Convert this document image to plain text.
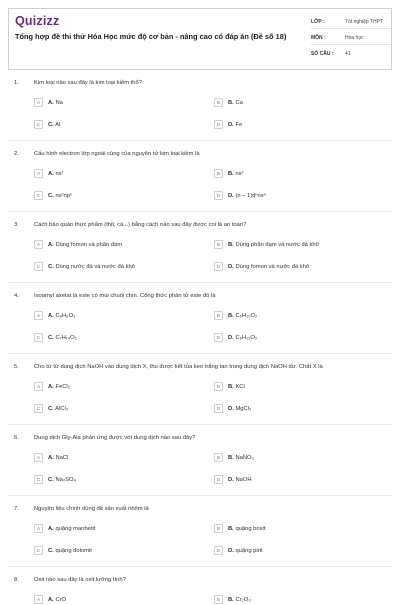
Quizizz
Tổng hợp đề thi thử Hóa Học mức độ cơ bản - nâng cao có đáp án (Đề số 18)
LỚP :	Tốt nghiệp THPT
MÔN :	Hóa học
SỐ CÂU :	41
1.	Kim loại nào sau đây là kim loại kiềm thổ?
A	A. Na	B	B. Ca
C	C. Al	D	D. Fe
2.	Cấu hình electron lớp ngoài cùng của nguyên tử kim loại kiềm là
A	A. ns¹	B	B. ns²
C	C. ns²np¹	D	D. (n – 1)dⁿnsⁿ
3.	Cách bảo quản thực phẩm (thịt, cá...) bằng cách nào sau đây được coi là an toàn?
A	A. Dùng fomon và phân đạm	B	B. Dùng phân đạm và nước đá khô
C	C. Dùng nước đá và nước đá khô	D	D. Dùng fomon và nước đá khô
4.	Isoamyl axetat là este có mùi chuối chín. Công thức phân tử este đó là
A	A. C₄H₈O₂	B	B. C₅H₁₀O₂
C	C. C₇H₁₄O₂	D	D. C₆H₁₂O₂
5.	Cho từ từ dung dịch NaOH vào dung dịch X, thu được kết tủa keo trắng tan trong dung dịch NaOH dư. Chất X là
A	A. FeCl₃	B	B. KCl
C	C. AlCl₃	D	D. MgCl₂
6.	Dung dịch Gly-Ala phản ứng được với dung dịch nào sau đây?
A	A. NaCl	B	B. NaNO₃
C	C. Na₂SO₄	D	D. NaOH
7.	Nguyên liệu chính dùng để sản xuất nhôm là
A	A. quặng manhetit	B	B. quặng boxit
C	C. quặng đolomit	D	D. quặng pirit
8.	Oxit nào sau đây là oxit lưỡng tính?
A	A. CrO	B	B. Cr₂O₃
